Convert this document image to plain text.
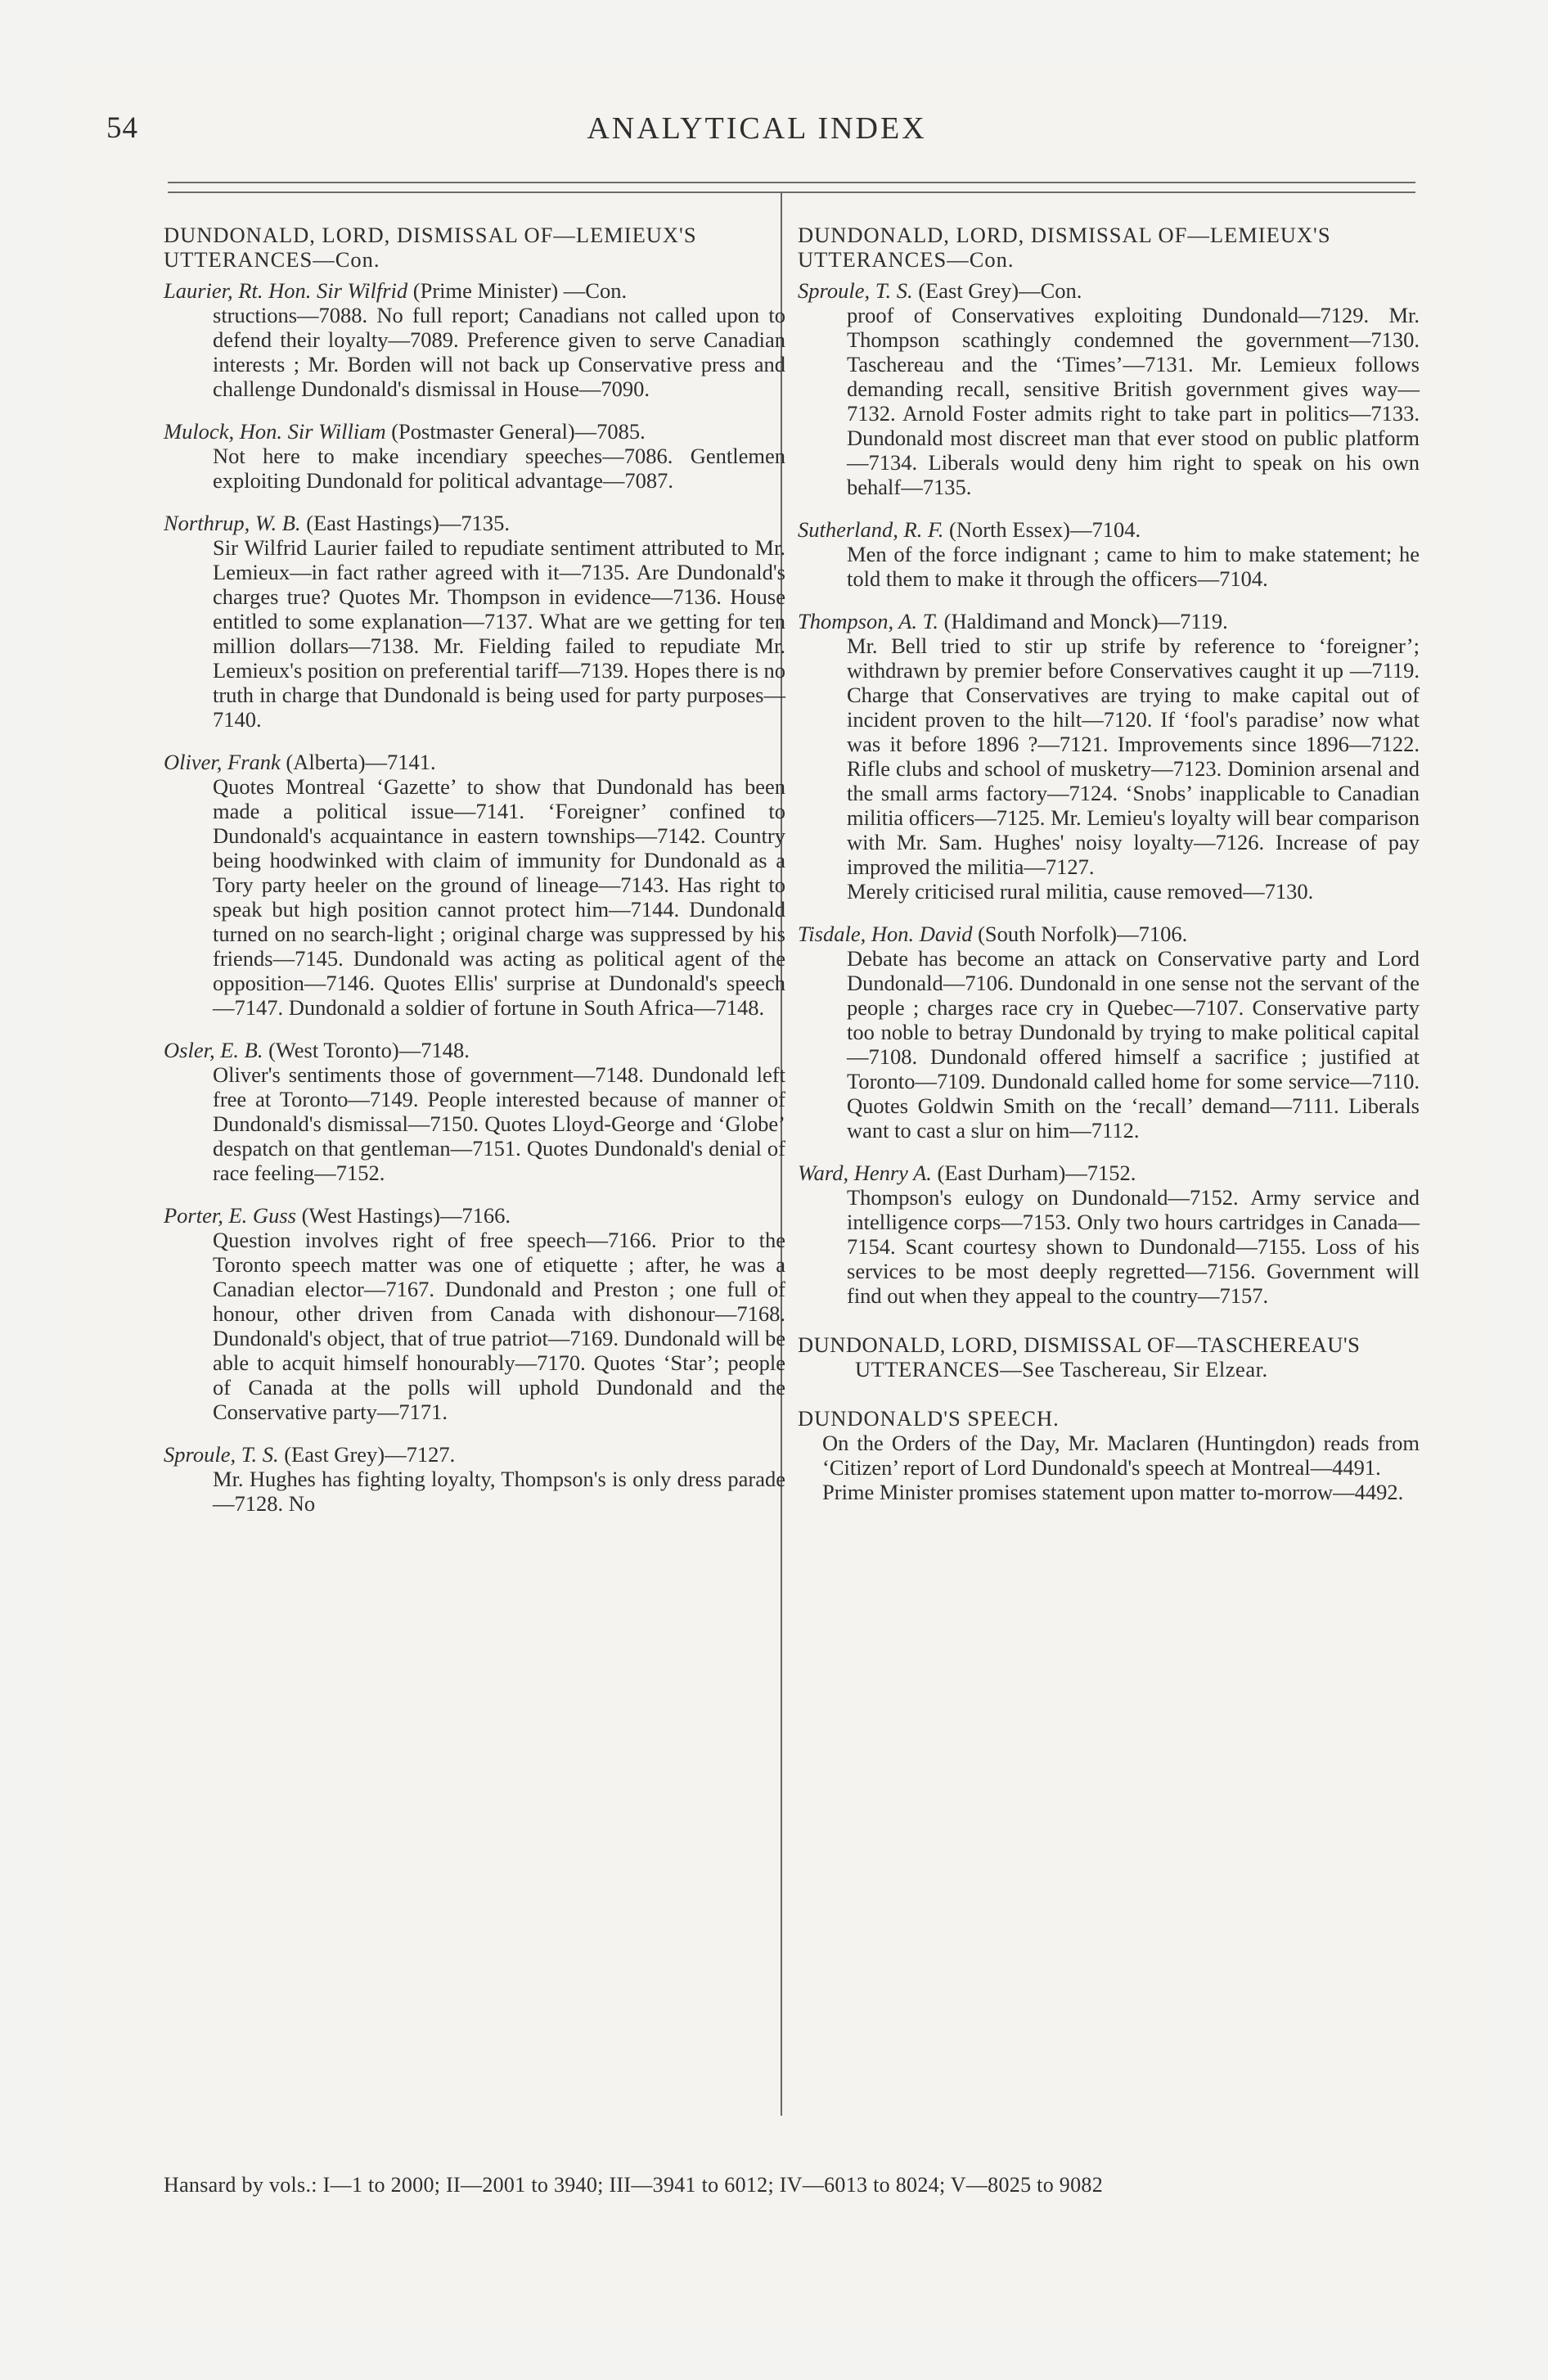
54	ANALYTICAL INDEX

DUNDONALD, LORD, DISMISSAL OF—LEMIEUX'S UTTERANCES—Con.

Laurier, Rt. Hon. Sir Wilfrid (Prime Minister) —Con.

structions—7088. No full report; Canadians not called upon to defend their loyalty—7089. Preference given to serve Canadian interests ; Mr. Borden will not back up Conservative press and challenge Dundonald's dismissal in House—7090.

Mulock, Hon. Sir William (Postmaster General)—7085.

Not here to make incendiary speeches—7086. Gentlemen exploiting Dundonald for political advantage—7087.

Northrup, W. B. (East Hastings)—7135.

Sir Wilfrid Laurier failed to repudiate sentiment attributed to Mr. Lemieux—in fact rather agreed with it—7135. Are Dundonald's charges true? Quotes Mr. Thompson in evidence—7136. House entitled to some explanation—7137. What are we getting for ten million dollars—7138. Mr. Fielding failed to repudiate Mr. Lemieux's position on preferential tariff—7139. Hopes there is no truth in charge that Dundonald is being used for party purposes—7140.

Oliver, Frank (Alberta)—7141.

Quotes Montreal ‘Gazette’ to show that Dundonald has been made a political issue—7141. ‘Foreigner’ confined to Dundonald's acquaintance in eastern townships—7142. Country being hoodwinked with claim of immunity for Dundonald as a Tory party heeler on the ground of lineage—7143. Has right to speak but high position cannot protect him—7144. Dundonald turned on no search-light ; original charge was suppressed by his friends—7145. Dundonald was acting as political agent of the opposition—7146. Quotes Ellis' surprise at Dundonald's speech—7147. Dundonald a soldier of fortune in South Africa—7148.

Osler, E. B. (West Toronto)—7148.

Oliver's sentiments those of government—7148. Dundonald left free at Toronto—7149. People interested because of manner of Dundonald's dismissal—7150. Quotes Lloyd-George and ‘Globe’ despatch on that gentleman—7151. Quotes Dundonald's denial of race feeling—7152.

Porter, E. Guss (West Hastings)—7166.

Question involves right of free speech—7166. Prior to the Toronto speech matter was one of etiquette ; after, he was a Canadian elector—7167. Dundonald and Preston ; one full of honour, other driven from Canada with dishonour—7168. Dundonald's object, that of true patriot—7169. Dundonald will be able to acquit himself honourably—7170. Quotes ‘Star’; people of Canada at the polls will uphold Dundonald and the Conservative party—7171.

Sproule, T. S. (East Grey)—7127.

Mr. Hughes has fighting loyalty, Thompson's is only dress parade—7128. No

DUNDONALD, LORD, DISMISSAL OF—LEMIEUX'S UTTERANCES—Con.

Sproule, T. S. (East Grey)—Con.

proof of Conservatives exploiting Dundonald—7129. Mr. Thompson scathingly condemned the government—7130. Taschereau and the ‘Times’—7131. Mr. Lemieux follows demanding recall, sensitive British government gives way—7132. Arnold Foster admits right to take part in politics—7133. Dundonald most discreet man that ever stood on public platform—7134. Liberals would deny him right to speak on his own behalf—7135.

Sutherland, R. F. (North Essex)—7104.

Men of the force indignant ; came to him to make statement; he told them to make it through the officers—7104.

Thompson, A. T. (Haldimand and Monck)—7119.

Mr. Bell tried to stir up strife by reference to ‘foreigner’; withdrawn by premier before Conservatives caught it up —7119. Charge that Conservatives are trying to make capital out of incident proven to the hilt—7120. If ‘fool's paradise’ now what was it before 1896 ?—7121. Improvements since 1896—7122. Rifle clubs and school of musketry—7123. Dominion arsenal and the small arms factory—7124. ‘Snobs’ inapplicable to Canadian militia officers—7125. Mr. Lemieu's loyalty will bear comparison with Mr. Sam. Hughes' noisy loyalty—7126. Increase of pay improved the militia—7127.

Merely criticised rural militia, cause removed—7130.

Tisdale, Hon. David (South Norfolk)—7106.

Debate has become an attack on Conservative party and Lord Dundonald—7106. Dundonald in one sense not the servant of the people ; charges race cry in Quebec—7107. Conservative party too noble to betray Dundonald by trying to make political capital—7108. Dundonald offered himself a sacrifice ; justified at Toronto—7109. Dundonald called home for some service—7110. Quotes Goldwin Smith on the ‘recall’ demand—7111. Liberals want to cast a slur on him—7112.

Ward, Henry A. (East Durham)—7152.

Thompson's eulogy on Dundonald—7152. Army service and intelligence corps—7153. Only two hours cartridges in Canada—7154. Scant courtesy shown to Dundonald—7155. Loss of his services to be most deeply regretted—7156. Government will find out when they appeal to the country—7157.

DUNDONALD, LORD, DISMISSAL OF—TASCHEREAU'S UTTERANCES—See Taschereau, Sir Elzear.

DUNDONALD'S SPEECH.

On the Orders of the Day, Mr. Maclaren (Huntingdon) reads from ‘Citizen’ report of Lord Dundonald's speech at Montreal—4491.

Prime Minister promises statement upon matter to-morrow—4492.

Hansard by vols.: I—1 to 2000; II—2001 to 3940; III—3941 to 6012; IV—6013 to 8024; V—8025 to 9082
